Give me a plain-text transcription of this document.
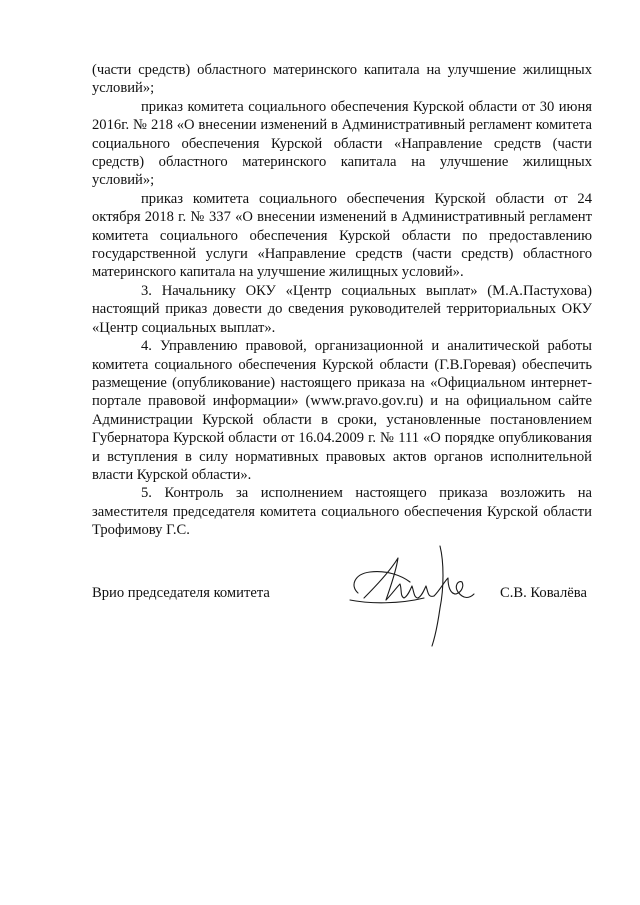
(части средств) областного материнского капитала на улучшение жилищных условий»;

приказ комитета социального обеспечения Курской области от 30 июня 2016г. № 218 «О внесении изменений в Административный регламент комитета социального обеспечения Курской области «Направление средств (части средств) областного материнского капитала на улучшение жилищных условий»;

приказ комитета социального обеспечения Курской области от 24 октября 2018 г. № 337 «О внесении изменений в Административный регламент комитета социального обеспечения Курской области по предоставлению государственной услуги «Направление средств (части средств) областного материнского капитала на улучшение жилищных условий».

3. Начальнику ОКУ «Центр социальных выплат» (М.А.Пастухова) настоящий приказ довести до сведения руководителей территориальных ОКУ «Центр социальных выплат».

4. Управлению правовой, организационной и аналитической работы комитета социального обеспечения Курской области (Г.В.Горевая) обеспечить размещение (опубликование) настоящего приказа на «Официальном интернет-портале правовой информации» (www.pravo.gov.ru) и на официальном сайте Администрации Курской области в сроки, установленные постановлением Губернатора Курской области от 16.04.2009 г. № 111 «О порядке опубликования и вступления в силу нормативных правовых актов органов исполнительной власти Курской области».

5. Контроль за исполнением настоящего приказа возложить на заместителя председателя комитета социального обеспечения Курской области Трофимову Г.С.

Врио председателя комитета	С.В. Ковалёва
